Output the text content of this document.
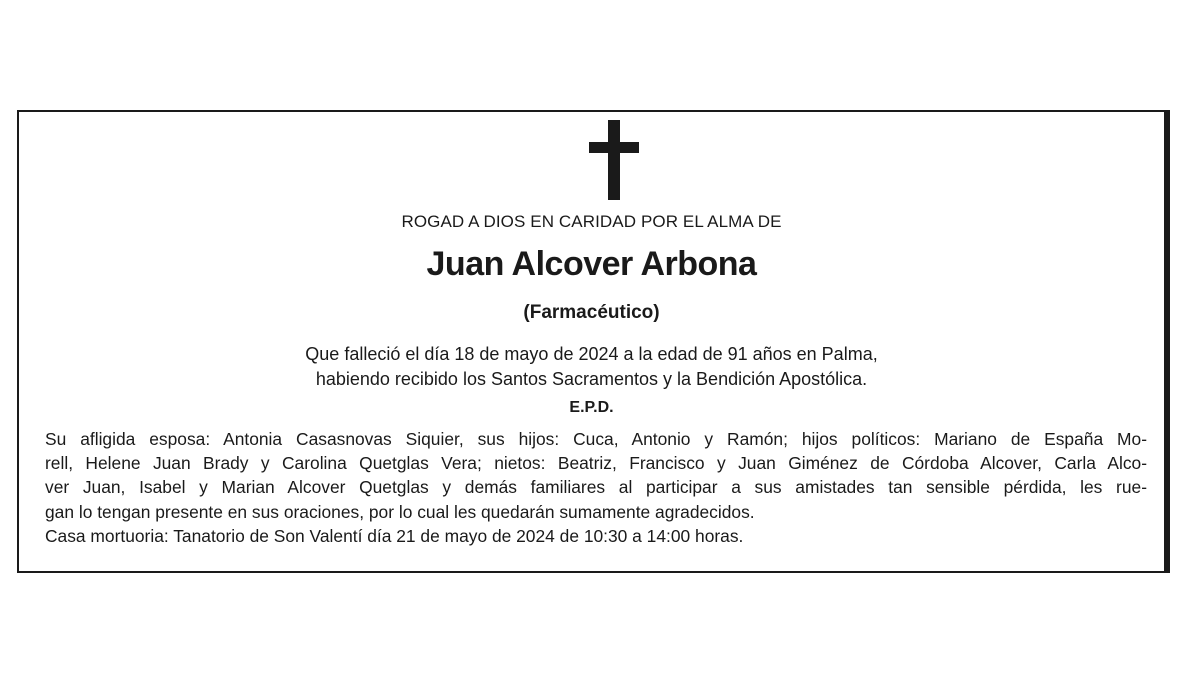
ROGAD A DIOS EN CARIDAD POR EL ALMA DE
Juan Alcover Arbona
(Farmacéutico)
Que falleció el día 18 de mayo de 2024 a la edad de 91 años en Palma,
habiendo recibido los Santos Sacramentos y la Bendición Apostólica.
E.P.D.
Su afligida esposa: Antonia Casasnovas Siquier, sus hijos: Cuca, Antonio y Ramón; hijos políticos: Mariano de España Mo-
rell, Helene Juan Brady y Carolina Quetglas Vera; nietos: Beatriz, Francisco y Juan Giménez de Córdoba Alcover, Carla Alco-
ver Juan, Isabel y Marian Alcover Quetglas y demás familiares al participar a sus amistades tan sensible pérdida, les rue-
gan lo tengan presente en sus oraciones, por lo cual les quedarán sumamente agradecidos.
Casa mortuoria: Tanatorio de Son Valentí día 21 de mayo de 2024 de 10:30 a 14:00 horas.
